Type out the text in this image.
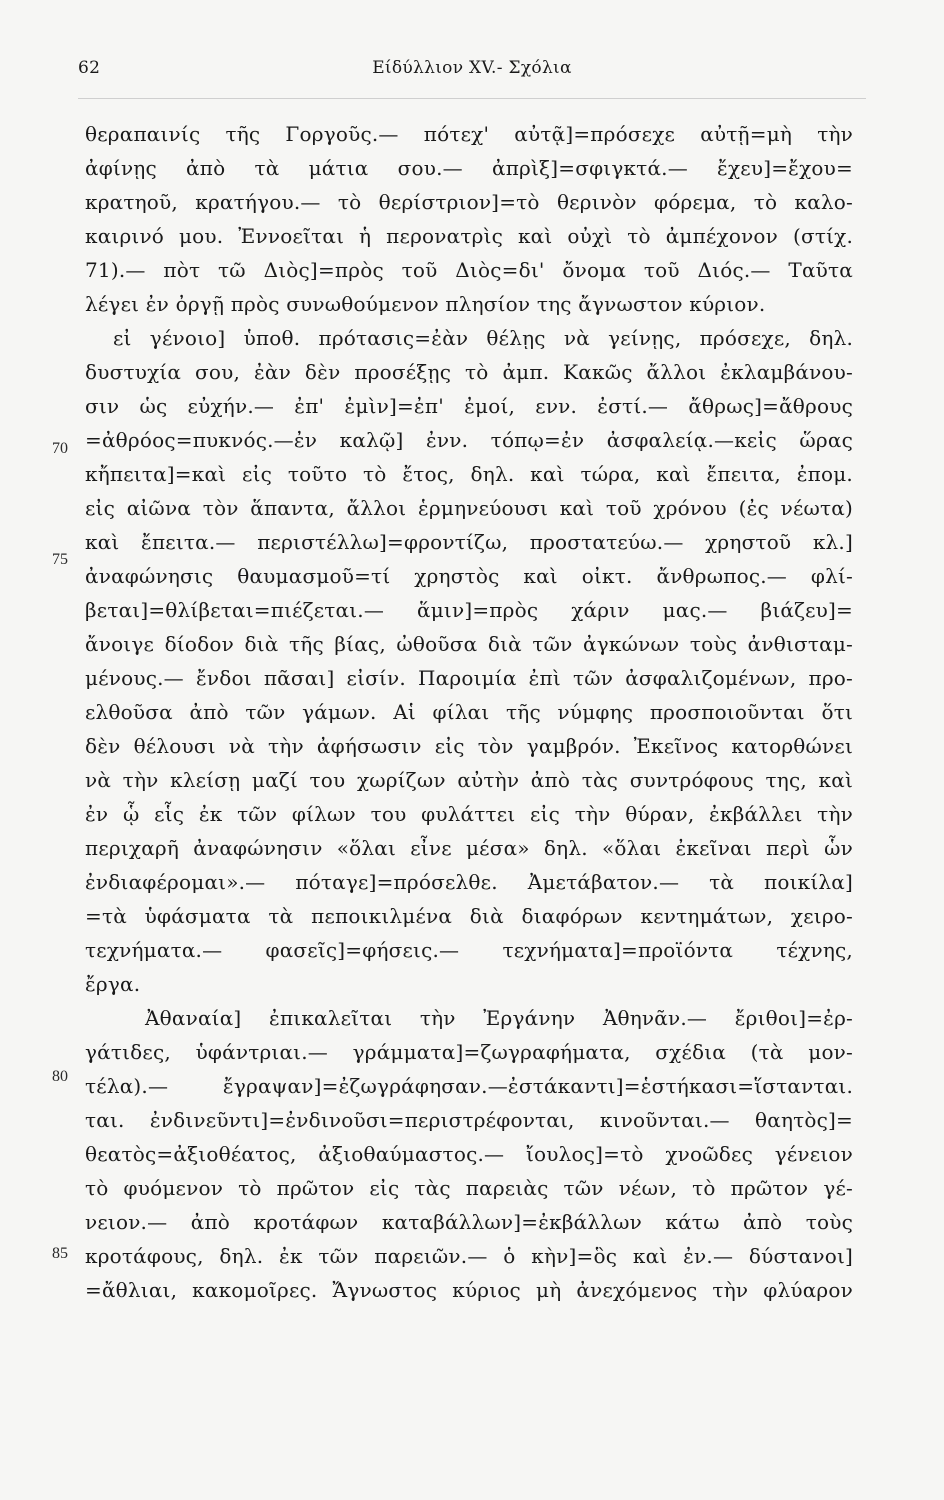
62	Είδύλλιον XV.- Σχόλια
70
75
80
85
θεραπαινίς τῆς Γοργοῦς.— πότεχ' αὐτᾷ]=πρόσεχε αὐτῇ=μὴ τὴν
ἀφίνῃς ἀπὸ τὰ μάτια σου.— ἀπρὶξ]=σφιγκτά.— ἔχευ]=ἔχου=
κρατηοῦ, κρατήγου.— τὸ θερίστριον]=τὸ θερινὸν φόρεμα, τὸ καλο-
καιρινό μου. Ἐννοεῖται ἡ περονατρὶς καὶ οὐχὶ τὸ ἀμπέχονον (στίχ.
71).— πὸτ τῶ Διὸς]=πρὸς τοῦ Διὸς=δι' ὄνομα τοῦ Διός.— Ταῦτα
λέγει ἐν ὀργῇ πρὸς συνωθούμενον πλησίον της ἄγνωστον κύριον.
εἰ γένοιο] ὑποθ. πρότασις=ἐὰν θέλῃς νὰ γείνῃς, πρόσεχε, δηλ.
δυστυχία σου, ἐὰν δὲν προσέξῃς τὸ ἀμπ. Κακῶς ἄλλοι ἐκλαμβάνου-
σιν ὡς εὐχήν.— ἐπ' ἐμὶν]=ἐπ' ἐμοί, ενν. ἐστί.— ἄθρως]=ἄθρους
=ἀθρόος=πυκνός.—ἐν καλῷ] ἐνν. τόπῳ=ἐν ἀσφαλείᾳ.—κεἰς ὥρας
κἤπειτα]=καὶ εἰς τοῦτο τὸ ἔτος, δηλ. καὶ τώρα, καὶ ἔπειτα, ἐπομ.
εἰς αἰῶνα τὸν ἅπαντα, ἄλλοι ἑρμηνεύουσι καὶ τοῦ χρόνου (ἐς νέωτα)
καὶ ἔπειτα.— περιστέλλω]=φροντίζω, προστατεύω.— χρηστοῦ κλ.]
ἀναφώνησις θαυμασμοῦ=τί χρηστὸς καὶ οἰκτ. ἄνθρωπος.— φλί-
βεται]=θλίβεται=πιέζεται.— ἅμιν]=πρὸς χάριν μας.— βιάζευ]=
ἄνοιγε δίοδον διὰ τῆς βίας, ὠθοῦσα διὰ τῶν ἀγκώνων τοὺς ἀνθισταμ-
μένους.— ἔνδοι πᾶσαι] εἰσίν. Παροιμία ἐπὶ τῶν ἀσφαλιζομένων, προ-
ελθοῦσα ἀπὸ τῶν γάμων. Αἱ φίλαι τῆς νύμφης προσποιοῦνται ὅτι
δὲν θέλουσι νὰ τὴν ἀφήσωσιν εἰς τὸν γαμβρόν. Ἐκεῖνος κατορθώνει
νὰ τὴν κλείσῃ μαζί του χωρίζων αὐτὴν ἀπὸ τὰς συντρόφους της, καὶ
ἐν ᾧ εἷς ἐκ τῶν φίλων του φυλάττει εἰς τὴν θύραν, ἐκβάλλει τὴν
περιχαρῆ ἀναφώνησιν «ὅλαι εἶνε μέσα» δηλ. «ὅλαι ἐκεῖναι περὶ ὧν
ἐνδιαφέρομαι».— πόταγε]=πρόσελθε. Ἀμετάβατον.— τὰ ποικίλα]
=τὰ ὑφάσματα τὰ πεποικιλμένα διὰ διαφόρων κεντημάτων, χειρο-
τεχνήματα.— φασεῖς]=φήσεις.— τεχνήματα]=προϊόντα τέχνης,
ἔργα.
Ἀθαναία] ἐπικαλεῖται τὴν Ἐργάνην Ἀθηνᾶν.— ἔριθοι]=ἐρ-
γάτιδες, ὑφάντριαι.— γράμματα]=ζωγραφήματα, σχέδια (τὰ μον-
τέλα).— ἔγραψαν]=ἐζωγράφησαν.—ἐστάκαντι]=ἑστήκασι=ἵστανται.
ται. ἐνδινεῦντι]=ἐνδινοῦσι=περιστρέφονται, κινοῦνται.— θαητὸς]=
θεατὸς=ἀξιοθέατος, ἀξιοθαύμαστος.— ἴουλος]=τὸ χνοῶδες γένειον
τὸ φυόμενον τὸ πρῶτον εἰς τὰς παρειὰς τῶν νέων, τὸ πρῶτον γέ-
νειον.— ἀπὸ κροτάφων καταβάλλων]=ἐκβάλλων κάτω ἀπὸ τοὺς
κροτάφους, δηλ. ἐκ τῶν παρειῶν.— ὁ κὴν]=ὃς καὶ ἐν.— δύστανοι]
=ἄθλιαι, κακομοῖρες. Ἄγνωστος κύριος μὴ ἀνεχόμενος τὴν φλύαρον
